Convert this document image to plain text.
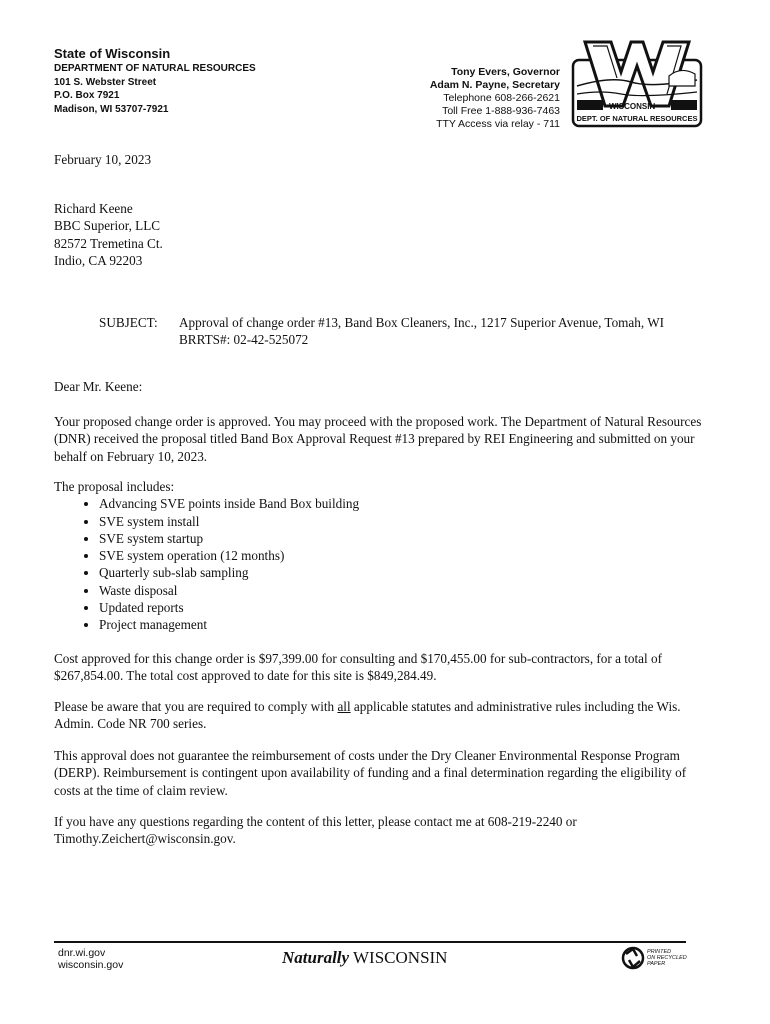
State of Wisconsin
DEPARTMENT OF NATURAL RESOURCES
101 S. Webster Street
P.O. Box 7921
Madison, WI 53707-7921
Tony Evers, Governor
Adam N. Payne, Secretary
Telephone 608-266-2621
Toll Free 1-888-936-7463
TTY Access via relay - 711
WISCONSIN
DEPT. OF NATURAL RESOURCES
February 10, 2023
Richard Keene
BBC Superior, LLC
82572 Tremetina Ct.
Indio, CA 92203
SUBJECT: Approval of change order #13, Band Box Cleaners, Inc., 1217 Superior Avenue, Tomah, WI
BRRTS#: 02-42-525072
Dear Mr. Keene:
Your proposed change order is approved. You may proceed with the proposed work. The Department of Natural Resources (DNR) received the proposal titled Band Box Approval Request #13 prepared by REI Engineering and submitted on your behalf on February 10, 2023.
The proposal includes:
• Advancing SVE points inside Band Box building
• SVE system install
• SVE system startup
• SVE system operation (12 months)
• Quarterly sub-slab sampling
• Waste disposal
• Updated reports
• Project management
Cost approved for this change order is $97,399.00 for consulting and $170,455.00 for sub-contractors, for a total of $267,854.00. The total cost approved to date for this site is $849,284.49.
Please be aware that you are required to comply with all applicable statutes and administrative rules including the Wis. Admin. Code NR 700 series.
This approval does not guarantee the reimbursement of costs under the Dry Cleaner Environmental Response Program (DERP). Reimbursement is contingent upon availability of funding and a final determination regarding the eligibility of costs at the time of claim review.
If you have any questions regarding the content of this letter, please contact me at 608-219-2240 or Timothy.Zeichert@wisconsin.gov.
dnr.wi.gov
wisconsin.gov	Naturally WISCONSIN	PRINTED
ON RECYCLED
PAPER
